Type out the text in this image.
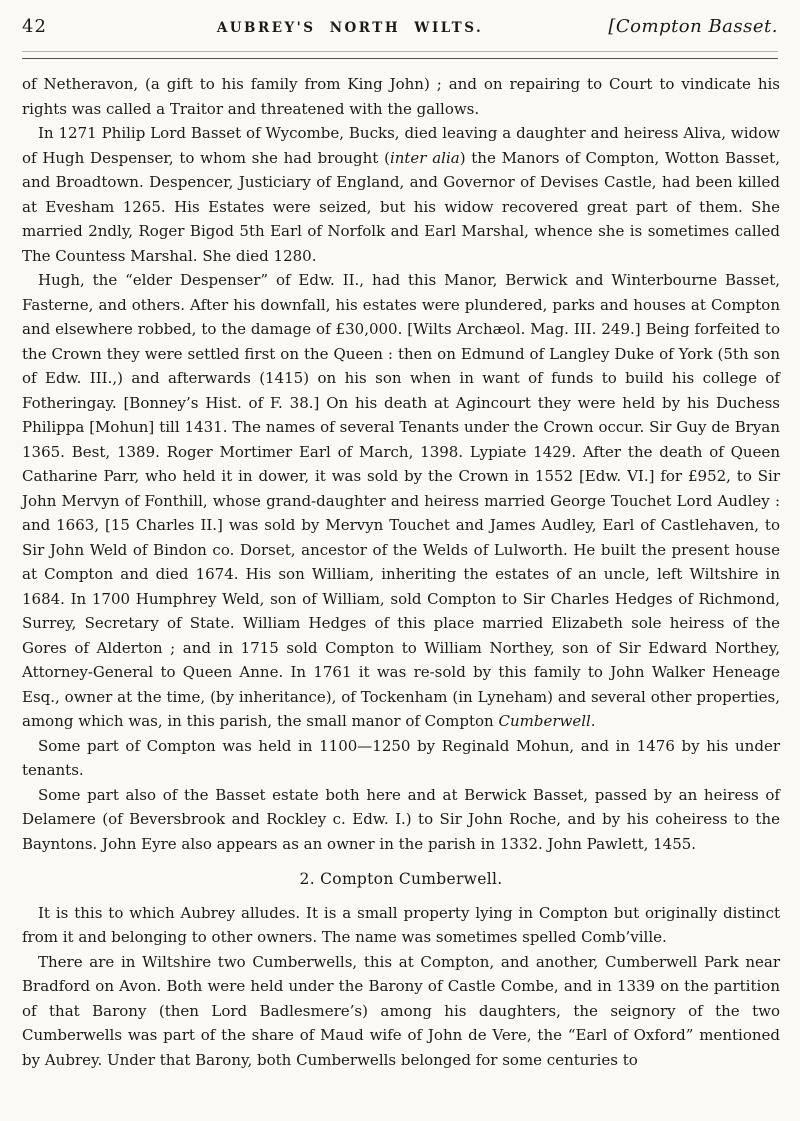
42	AUBREY'S NORTH WILTS.	[Compton Basset.

of Netheravon, (a gift to his family from King John) ; and on repairing to Court to vindicate his rights was called a Traitor and threatened with the gallows.

In 1271 Philip Lord Basset of Wycombe, Bucks, died leaving a daughter and heiress Aliva, widow of Hugh Despenser, to whom she had brought (inter alia) the Manors of Compton, Wotton Basset, and Broadtown. Despencer, Justiciary of England, and Governor of Devises Castle, had been killed at Evesham 1265. His Estates were seized, but his widow recovered great part of them. She married 2ndly, Roger Bigod 5th Earl of Norfolk and Earl Marshal, whence she is sometimes called The Countess Marshal. She died 1280.

Hugh, the “elder Despenser” of Edw. II., had this Manor, Berwick and Winterbourne Basset, Fasterne, and others. After his downfall, his estates were plundered, parks and houses at Compton and elsewhere robbed, to the damage of £30,000. [Wilts Archæol. Mag. III. 249.] Being forfeited to the Crown they were settled first on the Queen : then on Edmund of Langley Duke of York (5th son of Edw. III.,) and afterwards (1415) on his son when in want of funds to build his college of Fotheringay. [Bonney’s Hist. of F. 38.] On his death at Agincourt they were held by his Duchess Philippa [Mohun] till 1431. The names of several Tenants under the Crown occur. Sir Guy de Bryan 1365. Best, 1389. Roger Mortimer Earl of March, 1398. Lypiate 1429. After the death of Queen Catharine Parr, who held it in dower, it was sold by the Crown in 1552 [Edw. VI.] for £952, to Sir John Mervyn of Fonthill, whose grand-daughter and heiress married George Touchet Lord Audley : and 1663, [15 Charles II.] was sold by Mervyn Touchet and James Audley, Earl of Castlehaven, to Sir John Weld of Bindon co. Dorset, ancestor of the Welds of Lulworth. He built the present house at Compton and died 1674. His son William, inheriting the estates of an uncle, left Wiltshire in 1684. In 1700 Humphrey Weld, son of William, sold Compton to Sir Charles Hedges of Richmond, Surrey, Secretary of State. William Hedges of this place married Elizabeth sole heiress of the Gores of Alderton ; and in 1715 sold Compton to William Northey, son of Sir Edward Northey, Attorney-General to Queen Anne. In 1761 it was re-sold by this family to John Walker Heneage Esq., owner at the time, (by inheritance), of Tockenham (in Lyneham) and several other properties, among which was, in this parish, the small manor of Compton Cumberwell.

Some part of Compton was held in 1100—1250 by Reginald Mohun, and in 1476 by his under tenants.

Some part also of the Basset estate both here and at Berwick Basset, passed by an heiress of Delamere (of Beversbrook and Rockley c. Edw. I.) to Sir John Roche, and by his coheiress to the Bayntons. John Eyre also appears as an owner in the parish in 1332. John Pawlett, 1455.

2. Compton Cumberwell.

It is this to which Aubrey alludes. It is a small property lying in Compton but originally distinct from it and belonging to other owners. The name was sometimes spelled Comb’ville.

There are in Wiltshire two Cumberwells, this at Compton, and another, Cumberwell Park near Bradford on Avon. Both were held under the Barony of Castle Combe, and in 1339 on the partition of that Barony (then Lord Badlesmere’s) among his daughters, the seignory of the two Cumberwells was part of the share of Maud wife of John de Vere, the “Earl of Oxford” mentioned by Aubrey. Under that Barony, both Cumberwells belonged for some centuries to
